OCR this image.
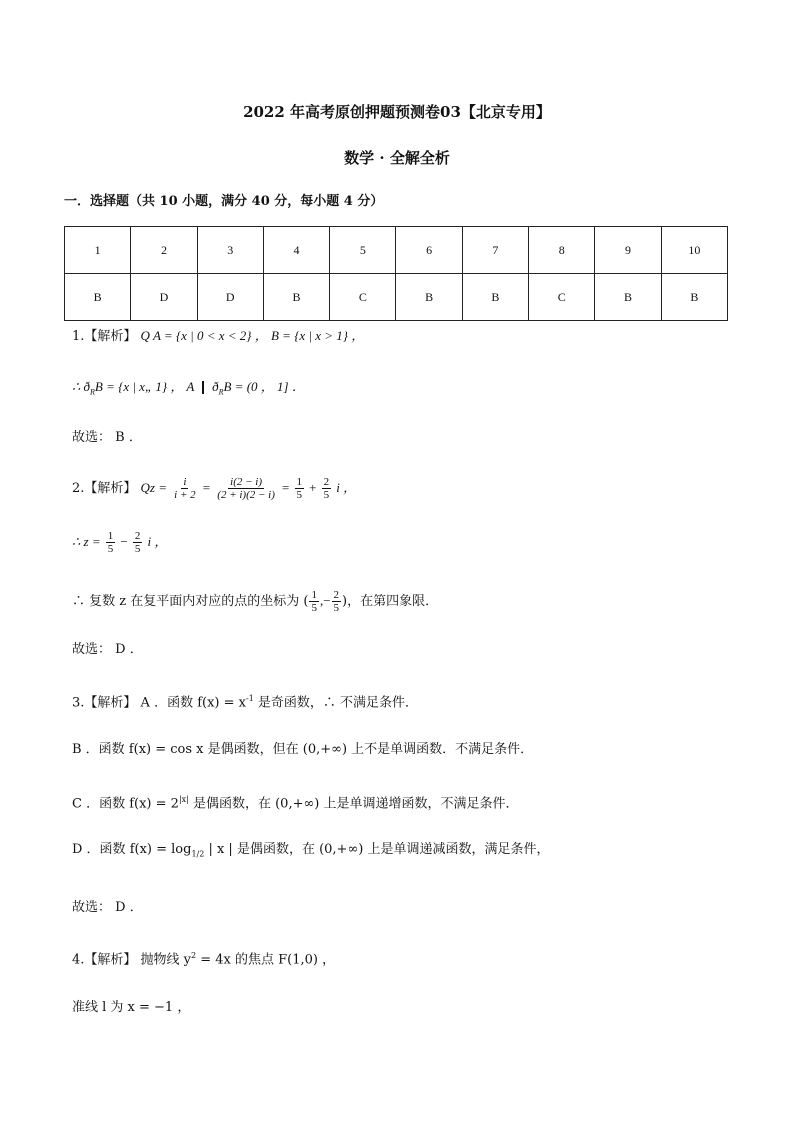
2022 年高考原创押题预测卷03【北京专用】
数学 · 全解全析
一．选择题（共 10 小题，满分 40 分，每小题 4 分）
1	2	3	4	5	6	7	8	9	10
B	D	D	B	C	B	B	C	B	B
1.【解析】 Q A = {x | 0 < x < 2} ， B = {x | x > 1} ，
∴ $ð_RB = \{x$ | x„ 1} ， A $ð_RB = (0$ ， 1] ．
故选： B ．
2.【解析】 $Qz = \frac{i}{i + 2} = \frac{i(2 - i)}{(2 + i)(2 - i)} = \frac{1}{5} + \frac{2}{5}$ i ，
∴ $z = \frac{1}{5} - \frac{2}{5}$ i ，
∴ 复数 z 在复平面内对应的点的坐标为 ( $\frac{1}{5}$ ,− $\frac{2}{5}$ )，在第四象限．
故选： D ．
3.【解析】 A ．函数 $f(x) = x^{-1}$ 是奇函数，∴ 不满足条件．
B ．函数 f(x) = cos x 是偶函数，但在 (0,+∞) 上不是单调函数．不满足条件．
C ．函数 $f(x) = 2^{|x|}$ 是偶函数，在 (0,+∞) 上是单调递增函数，不满足条件．
D ．函数 $f(x) = \log_{1/2}$ | x | 是偶函数，在 (0,+∞) 上是单调递减函数，满足条件，
故选： D ．
4.【解析】 抛物线 $y^2 = 4x$ 的焦点 F(1,0) ，
准线 l 为 x = −1 ，
